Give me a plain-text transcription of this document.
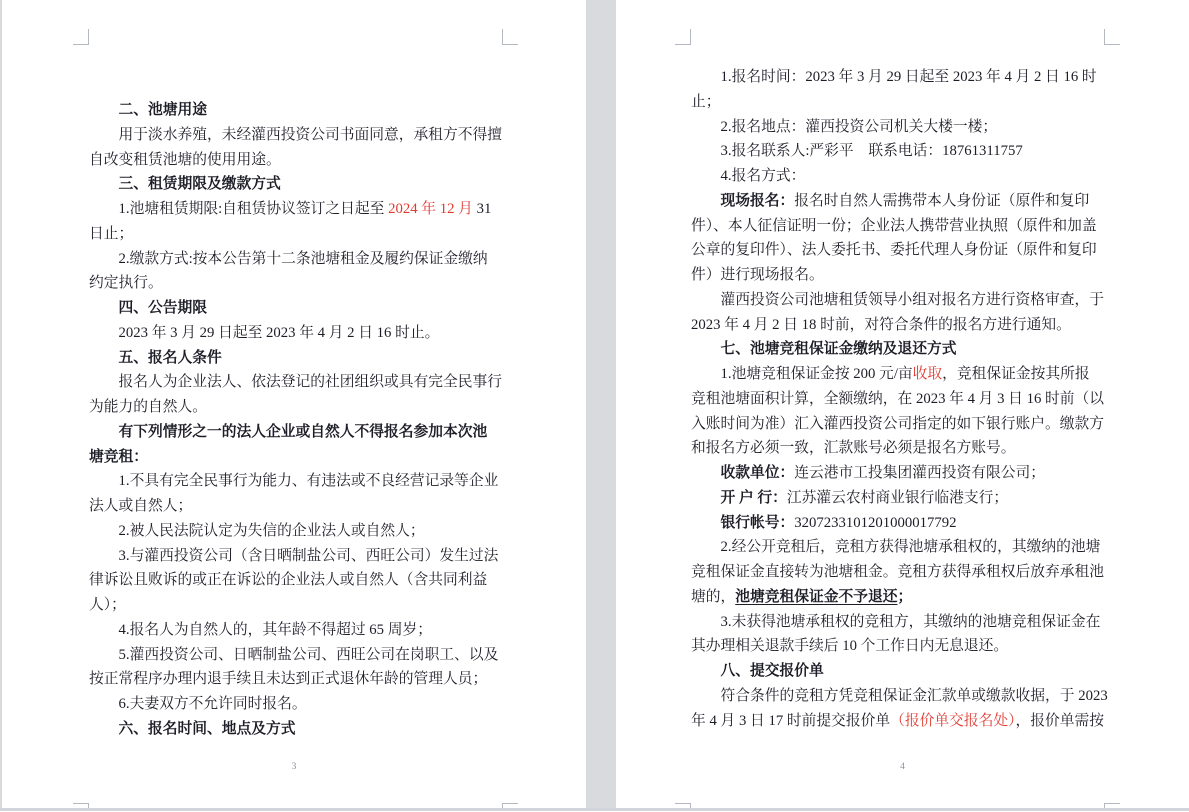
二、池塘用途
用于淡水养殖，未经灌西投资公司书面同意，承租方不得擅
自改变租赁池塘的使用用途。
三、租赁期限及缴款方式
1.池塘租赁期限:自租赁协议签订之日起至 2024 年 12 月 31
日止；
2.缴款方式:按本公告第十二条池塘租金及履约保证金缴纳
约定执行。
四、公告期限
2023 年 3 月 29 日起至 2023 年 4 月 2 日 16 时止。
五、报名人条件
报名人为企业法人、依法登记的社团组织或具有完全民事行
为能力的自然人。
有下列情形之一的法人企业或自然人不得报名参加本次池
塘竞租：
1.不具有完全民事行为能力、有违法或不良经营记录等企业
法人或自然人；
2.被人民法院认定为失信的企业法人或自然人；
3.与灌西投资公司（含日晒制盐公司、西旺公司）发生过法
律诉讼且败诉的或正在诉讼的企业法人或自然人（含共同利益
人）；
4.报名人为自然人的，其年龄不得超过 65 周岁；
5.灌西投资公司、日晒制盐公司、西旺公司在岗职工、以及
按正常程序办理内退手续且未达到正式退休年龄的管理人员；
6.夫妻双方不允许同时报名。
六、报名时间、地点及方式
3
1.报名时间：2023 年 3 月 29 日起至 2023 年 4 月 2 日 16 时
止；
2.报名地点：灌西投资公司机关大楼一楼；
3.报名联系人:严彩平　联系电话：18761311757
4.报名方式：
现场报名：报名时自然人需携带本人身份证（原件和复印
件）、本人征信证明一份；企业法人携带营业执照（原件和加盖
公章的复印件）、法人委托书、委托代理人身份证（原件和复印
件）进行现场报名。
灌西投资公司池塘租赁领导小组对报名方进行资格审查，于
2023 年 4 月 2 日 18 时前，对符合条件的报名方进行通知。
七、池塘竞租保证金缴纳及退还方式
1.池塘竞租保证金按 200 元/亩收取，竞租保证金按其所报
竞租池塘面积计算，全额缴纳，在 2023 年 4 月 3 日 16 时前（以
入账时间为准）汇入灌西投资公司指定的如下银行账户。缴款方
和报名方必须一致，汇款账号必须是报名方账号。
收款单位：连云港市工投集团灌西投资有限公司；
开 户 行：江苏灌云农村商业银行临港支行；
银行帐号：3207233101201000017792
2.经公开竞租后，竞租方获得池塘承租权的，其缴纳的池塘
竞租保证金直接转为池塘租金。竞租方获得承租权后放弃承租池
塘的，池塘竞租保证金不予退还；
3.未获得池塘承租权的竞租方，其缴纳的池塘竞租保证金在
其办理相关退款手续后 10 个工作日内无息退还。
八、提交报价单
符合条件的竞租方凭竞租保证金汇款单或缴款收据，于 2023
年 4 月 3 日 17 时前提交报价单（报价单交报名处），报价单需按
4
